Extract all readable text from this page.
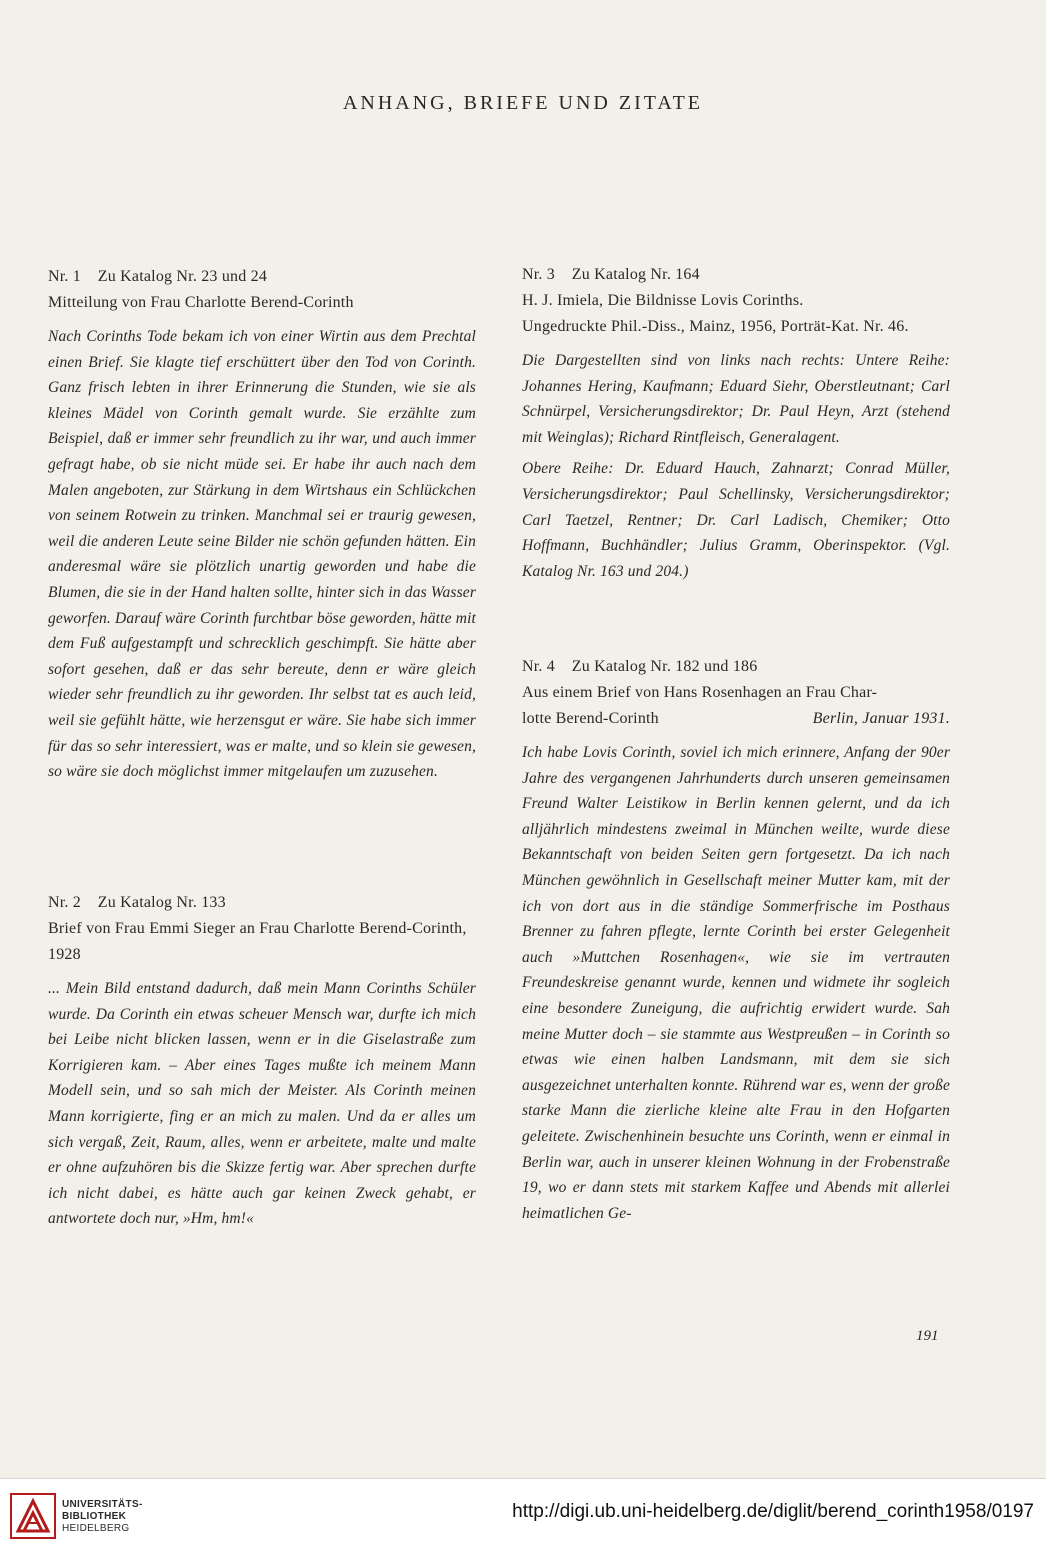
ANHANG, BRIEFE UND ZITATE
Nr. 1    Zu Katalog Nr. 23 und 24
Mitteilung von Frau Charlotte Berend-Corinth
Nach Corinths Tode bekam ich von einer Wirtin aus dem Prechtal einen Brief. Sie klagte tief erschüttert über den Tod von Corinth. Ganz frisch lebten in ihrer Erinnerung die Stunden, wie sie als kleines Mädel von Corinth gemalt wurde. Sie erzählte zum Beispiel, daß er immer sehr freundlich zu ihr war, und auch immer gefragt habe, ob sie nicht müde sei. Er habe ihr auch nach dem Malen angeboten, zur Stärkung in dem Wirtshaus ein Schlückchen von seinem Rotwein zu trinken. Manchmal sei er traurig gewesen, weil die anderen Leute seine Bilder nie schön gefunden hätten. Ein anderesmal wäre sie plötzlich unartig geworden und habe die Blumen, die sie in der Hand halten sollte, hinter sich in das Wasser geworfen. Darauf wäre Corinth furchtbar böse geworden, hätte mit dem Fuß aufgestampft und schrecklich geschimpft. Sie hätte aber sofort gesehen, daß er das sehr bereute, denn er wäre gleich wieder sehr freundlich zu ihr geworden. Ihr selbst tat es auch leid, weil sie gefühlt hätte, wie herzensgut er wäre. Sie habe sich immer für das so sehr interessiert, was er malte, und so klein sie gewesen, so wäre sie doch möglichst immer mitgelaufen um zuzusehen.
Nr. 2    Zu Katalog Nr. 133
Brief von Frau Emmi Sieger an Frau Charlotte Berend-Corinth, 1928
... Mein Bild entstand dadurch, daß mein Mann Corinths Schüler wurde. Da Corinth ein etwas scheuer Mensch war, durfte ich mich bei Leibe nicht blicken lassen, wenn er in die Giselastraße zum Korrigieren kam. – Aber eines Tages mußte ich meinem Mann Modell sein, und so sah mich der Meister. Als Corinth meinen Mann korrigierte, fing er an mich zu malen. Und da er alles um sich vergaß, Zeit, Raum, alles, wenn er arbeitete, malte und malte er ohne aufzuhören bis die Skizze fertig war. Aber sprechen durfte ich nicht dabei, es hätte auch gar keinen Zweck gehabt, er antwortete doch nur, »Hm, hm!«
Nr. 3    Zu Katalog Nr. 164
H. J. Imiela, Die Bildnisse Lovis Corinths.
Ungedruckte Phil.-Diss., Mainz, 1956, Porträt-Kat. Nr. 46.
Die Dargestellten sind von links nach rechts: Untere Reihe: Johannes Hering, Kaufmann; Eduard Siehr, Oberstleutnant; Carl Schnürpel, Versicherungsdirektor; Dr. Paul Heyn, Arzt (stehend mit Weinglas); Richard Rintfleisch, Generalagent.
Obere Reihe: Dr. Eduard Hauch, Zahnarzt; Conrad Müller, Versicherungsdirektor; Paul Schellinsky, Versicherungsdirektor; Carl Taetzel, Rentner; Dr. Carl Ladisch, Chemiker; Otto Hoffmann, Buchhändler; Julius Gramm, Oberinspektor. (Vgl. Katalog Nr. 163 und 204.)
Nr. 4    Zu Katalog Nr. 182 und 186
Aus einem Brief von Hans Rosenhagen an Frau Char-
lotte Berend-Corinth	Berlin, Januar 1931.
Ich habe Lovis Corinth, soviel ich mich erinnere, Anfang der 90er Jahre des vergangenen Jahrhunderts durch unseren gemeinsamen Freund Walter Leistikow in Berlin kennen gelernt, und da ich alljährlich mindestens zweimal in München weilte, wurde diese Bekanntschaft von beiden Seiten gern fortgesetzt. Da ich nach München gewöhnlich in Gesellschaft meiner Mutter kam, mit der ich von dort aus in die ständige Sommerfrische im Posthaus Brenner zu fahren pflegte, lernte Corinth bei erster Gelegenheit auch »Muttchen Rosenhagen«, wie sie im vertrauten Freundeskreise genannt wurde, kennen und widmete ihr sogleich eine besondere Zuneigung, die aufrichtig erwidert wurde. Sah meine Mutter doch – sie stammte aus Westpreußen – in Corinth so etwas wie einen halben Landsmann, mit dem sie sich ausgezeichnet unterhalten konnte. Rührend war es, wenn der große starke Mann die zierliche kleine alte Frau in den Hofgarten geleitete. Zwischenhinein besuchte uns Corinth, wenn er einmal in Berlin war, auch in unserer kleinen Wohnung in der Frobenstraße 19, wo er dann stets mit starkem Kaffee und Abends mit allerlei heimatlichen Ge-
191
UNIVERSITÄTS-
BIBLIOTHEK
HEIDELBERG
http://digi.ub.uni-heidelberg.de/diglit/berend_corinth1958/0197
